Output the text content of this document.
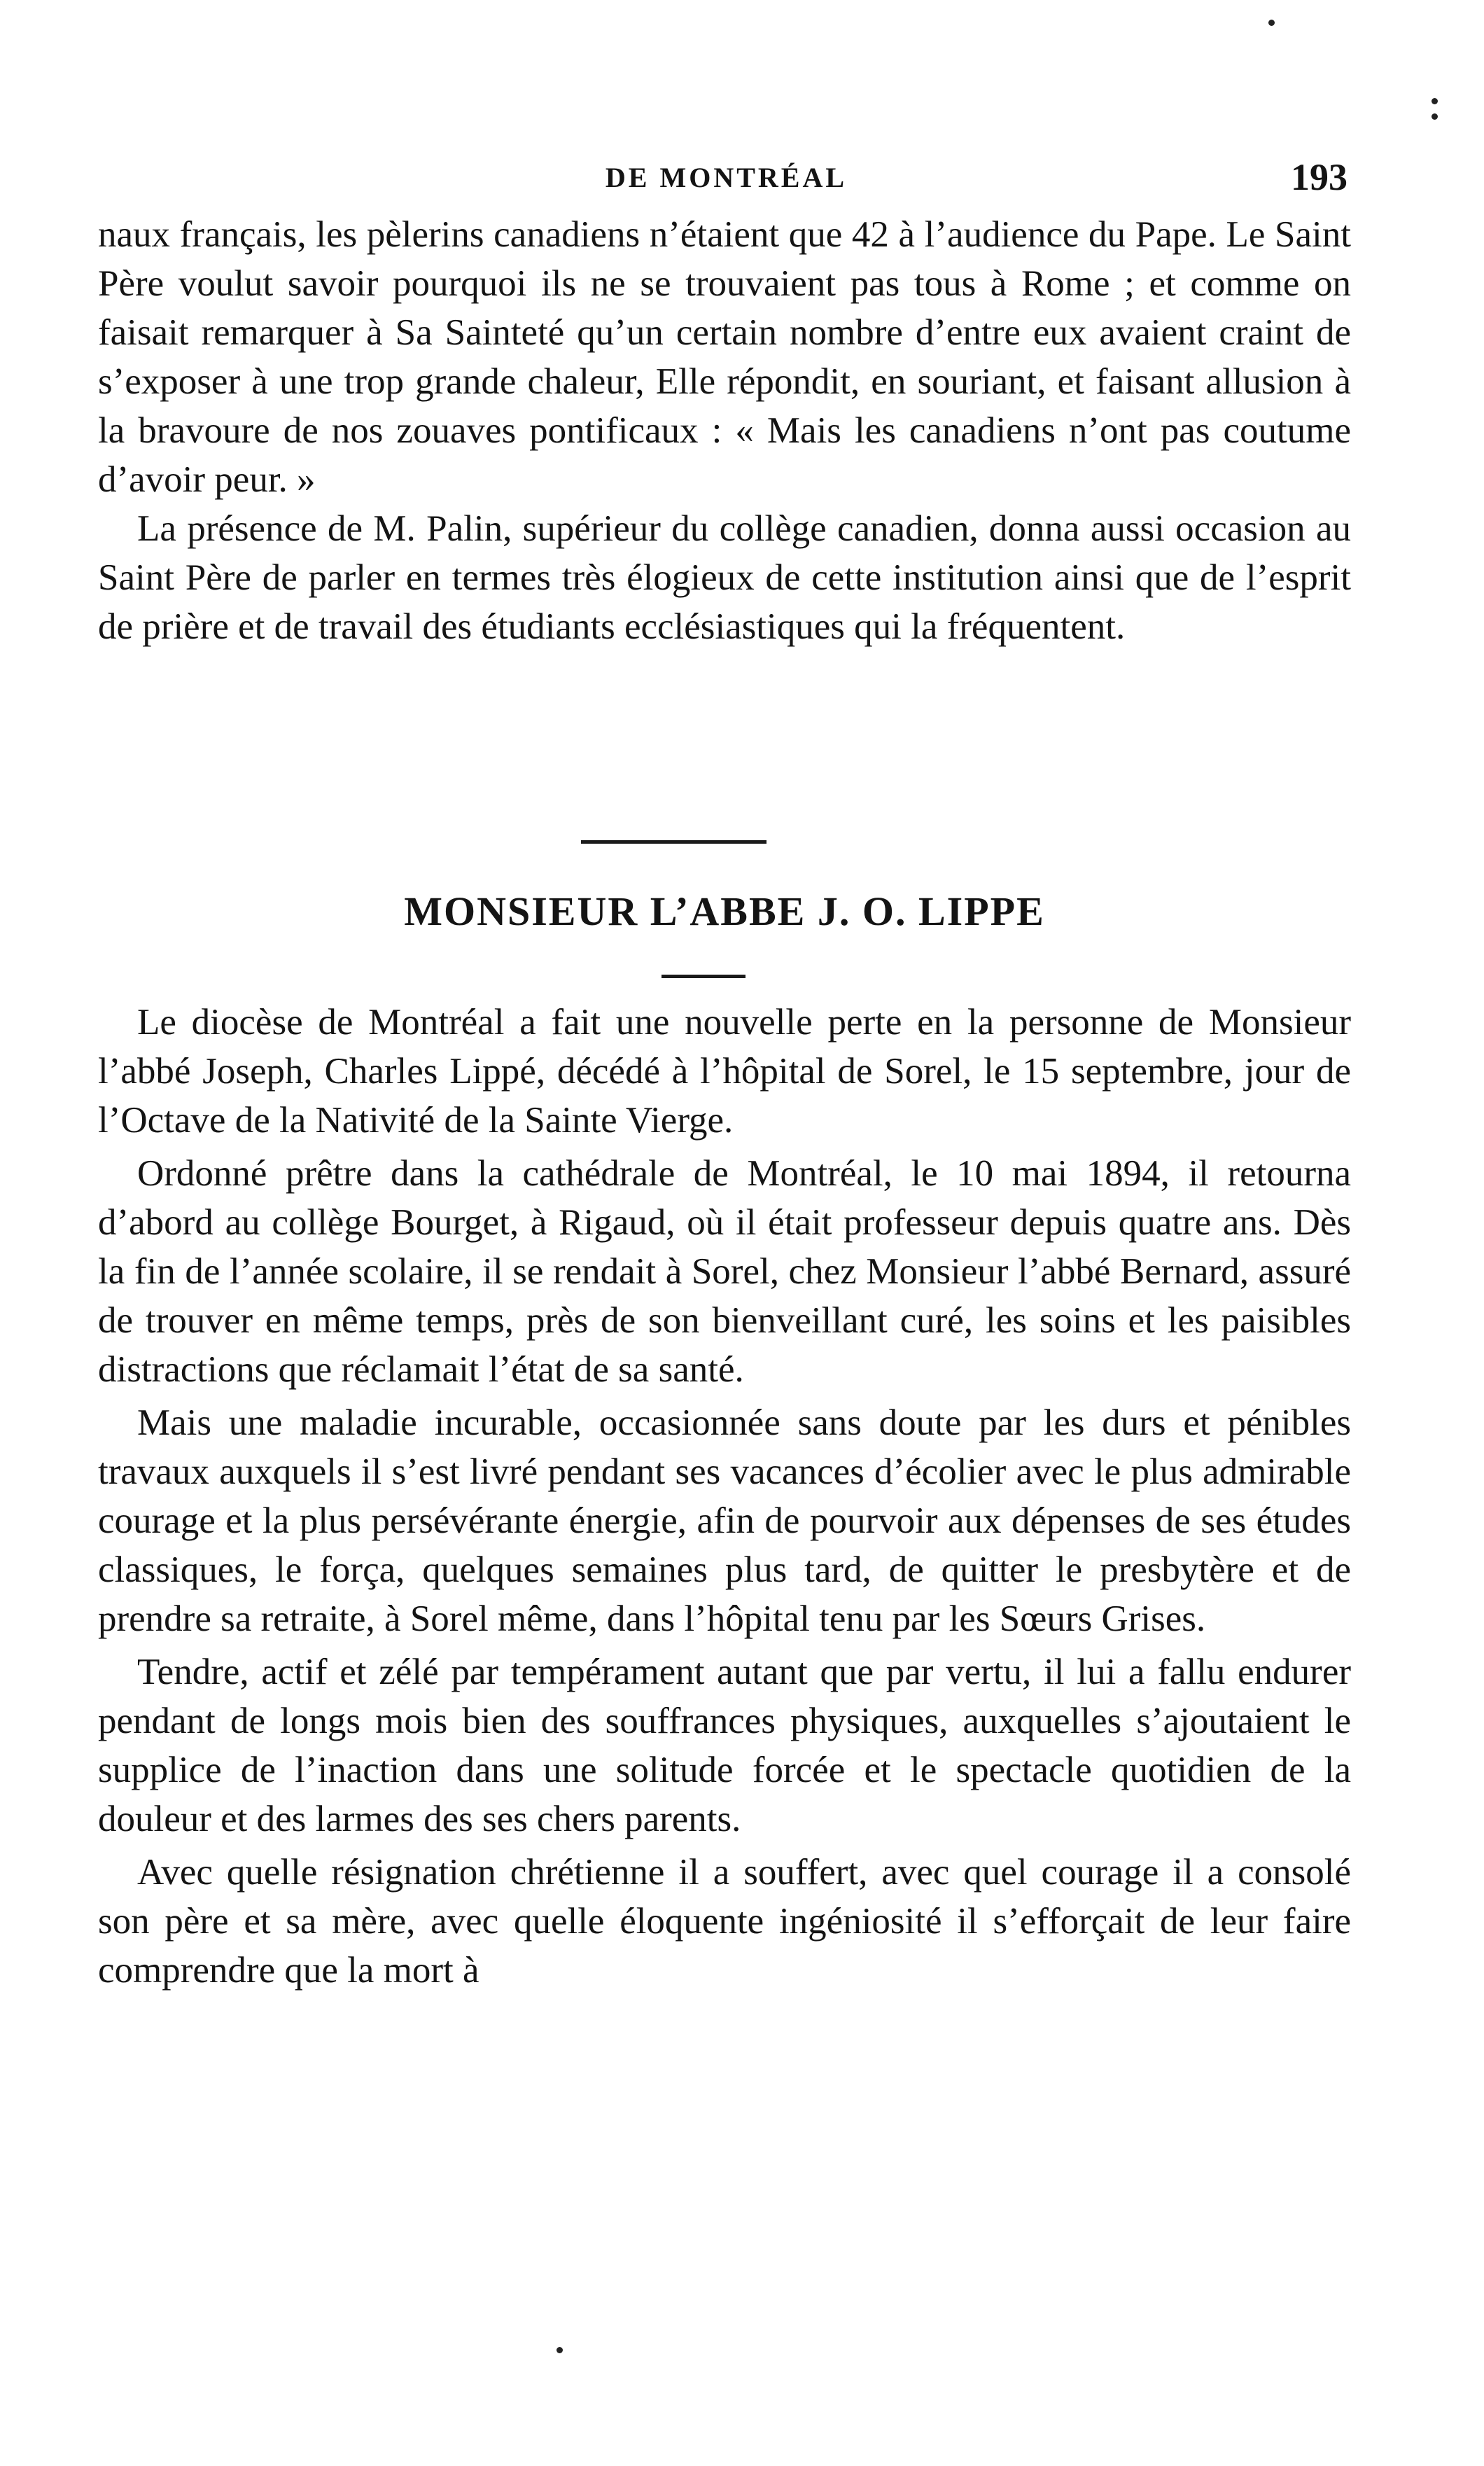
DE MONTRÉAL	193

naux français, les pèlerins canadiens n’étaient que 42 à l’audience du Pape. Le Saint Père voulut savoir pourquoi ils ne se trouvaient pas tous à Rome ; et comme on faisait remarquer à Sa Sainteté qu’un certain nombre d’entre eux avaient craint de s’exposer à une trop grande chaleur, Elle répondit, en souriant, et faisant allusion à la bravoure de nos zouaves pontificaux : « Mais les canadiens n’ont pas coutume d’avoir peur. »

La présence de M. Palin, supérieur du collège canadien, donna aussi occasion au Saint Père de parler en termes très élogieux de cette institution ainsi que de l’esprit de prière et de travail des étudiants ecclésiastiques qui la fréquentent.

MONSIEUR L’ABBE J. O. LIPPE

Le diocèse de Montréal a fait une nouvelle perte en la personne de Monsieur l’abbé Joseph, Charles Lippé, décédé à l’hôpital de Sorel, le 15 septembre, jour de l’Octave de la Nativité de la Sainte Vierge.

Ordonné prêtre dans la cathédrale de Montréal, le 10 mai 1894, il retourna d’abord au collège Bourget, à Rigaud, où il était professeur depuis quatre ans. Dès la fin de l’année scolaire, il se rendait à Sorel, chez Monsieur l’abbé Bernard, assuré de trouver en même temps, près de son bienveillant curé, les soins et les paisibles distractions que réclamait l’état de sa santé.

Mais une maladie incurable, occasionnée sans doute par les durs et pénibles travaux auxquels il s’est livré pendant ses vacances d’écolier avec le plus admirable courage et la plus persévérante énergie, afin de pourvoir aux dépenses de ses études classiques, le força, quelques semaines plus tard, de quitter le presbytère et de prendre sa retraite, à Sorel même, dans l’hôpital tenu par les Sœurs Grises.

Tendre, actif et zélé par tempérament autant que par vertu, il lui a fallu endurer pendant de longs mois bien des souffrances physiques, auxquelles s’ajoutaient le supplice de l’inaction dans une solitude forcée et le spectacle quotidien de la douleur et des larmes des ses chers parents.

Avec quelle résignation chrétienne il a souffert, avec quel courage il a consolé son père et sa mère, avec quelle éloquente ingéniosité il s’efforçait de leur faire comprendre que la mort à
